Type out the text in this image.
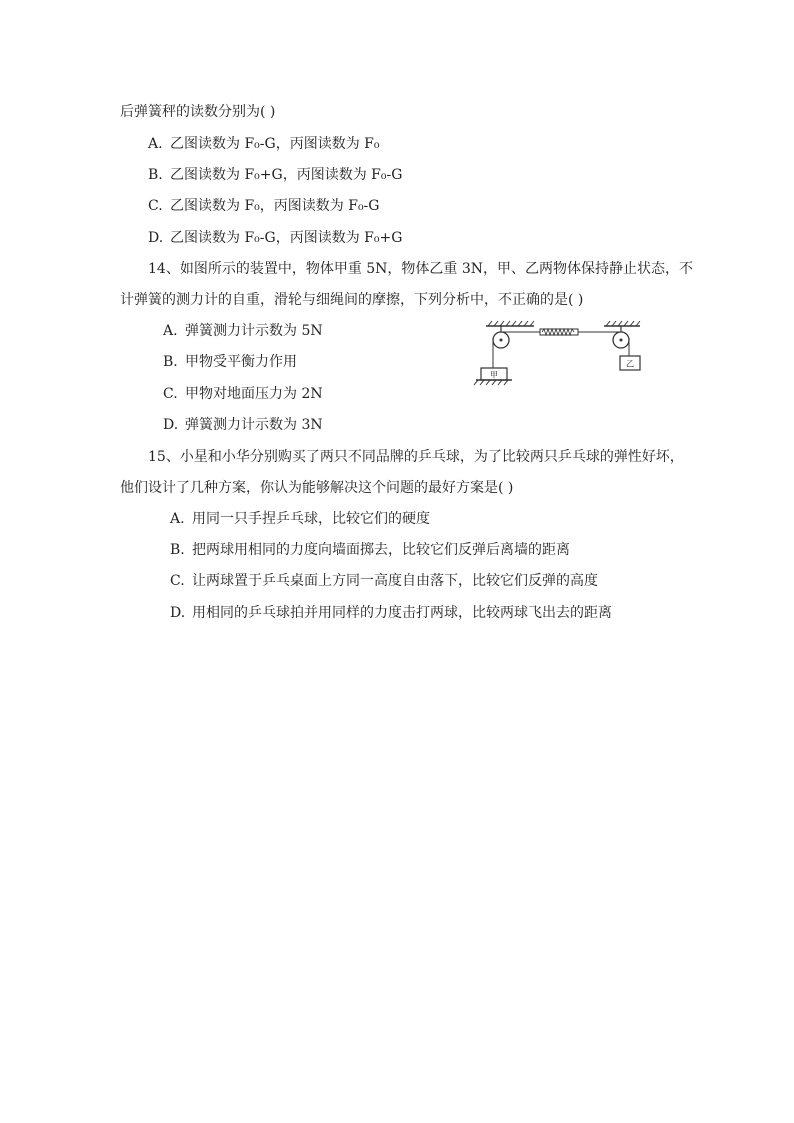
后弹簧秤的读数分别为( )
A. 乙图读数为 F₀-G，丙图读数为 F₀
B. 乙图读数为 F₀+G，丙图读数为 F₀-G
C. 乙图读数为 F₀，丙图读数为 F₀-G
D. 乙图读数为 F₀-G，丙图读数为 F₀+G
14、如图所示的装置中，物体甲重 5N，物体乙重 3N，甲、乙两物体保持静止状态，不
计弹簧的测力计的自重，滑轮与细绳间的摩擦，下列分析中，不正确的是( )
A. 弹簧测力计示数为 5N
B. 甲物受平衡力作用
C. 甲物对地面压力为 2N
D. 弹簧测力计示数为 3N
甲
乙
15、小星和小华分别购买了两只不同品牌的乒乓球，为了比较两只乒乓球的弹性好坏，
他们设计了几种方案，你认为能够解决这个问题的最好方案是( )
A. 用同一只手捏乒乓球，比较它们的硬度
B. 把两球用相同的力度向墙面掷去，比较它们反弹后离墙的距离
C. 让两球置于乒乓桌面上方同一高度自由落下，比较它们反弹的高度
D. 用相同的乒乓球拍并用同样的力度击打两球，比较两球飞出去的距离
